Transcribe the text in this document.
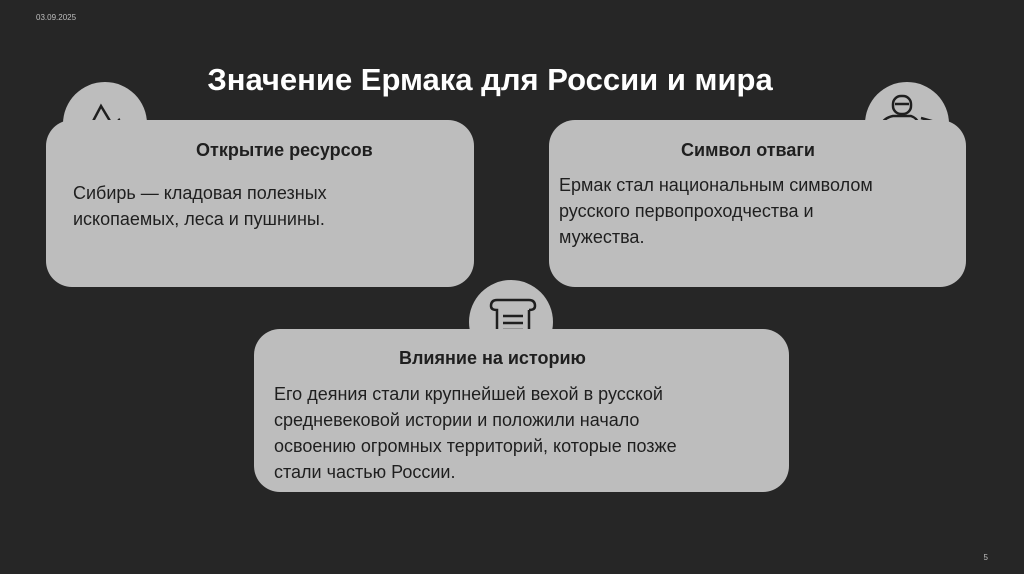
03.09.2025
Значение Ермака для России и мира
Открытие ресурсов
Сибирь — кладовая полезных
ископаемых, леса и пушнины.
Символ отваги
Ермак стал национальным символом
русского первопроходчества и
мужества.
Влияние на историю
Его деяния стали крупнейшей вехой в русской
средневековой истории и положили начало
освоению огромных территорий, которые позже
стали частью России.
5
